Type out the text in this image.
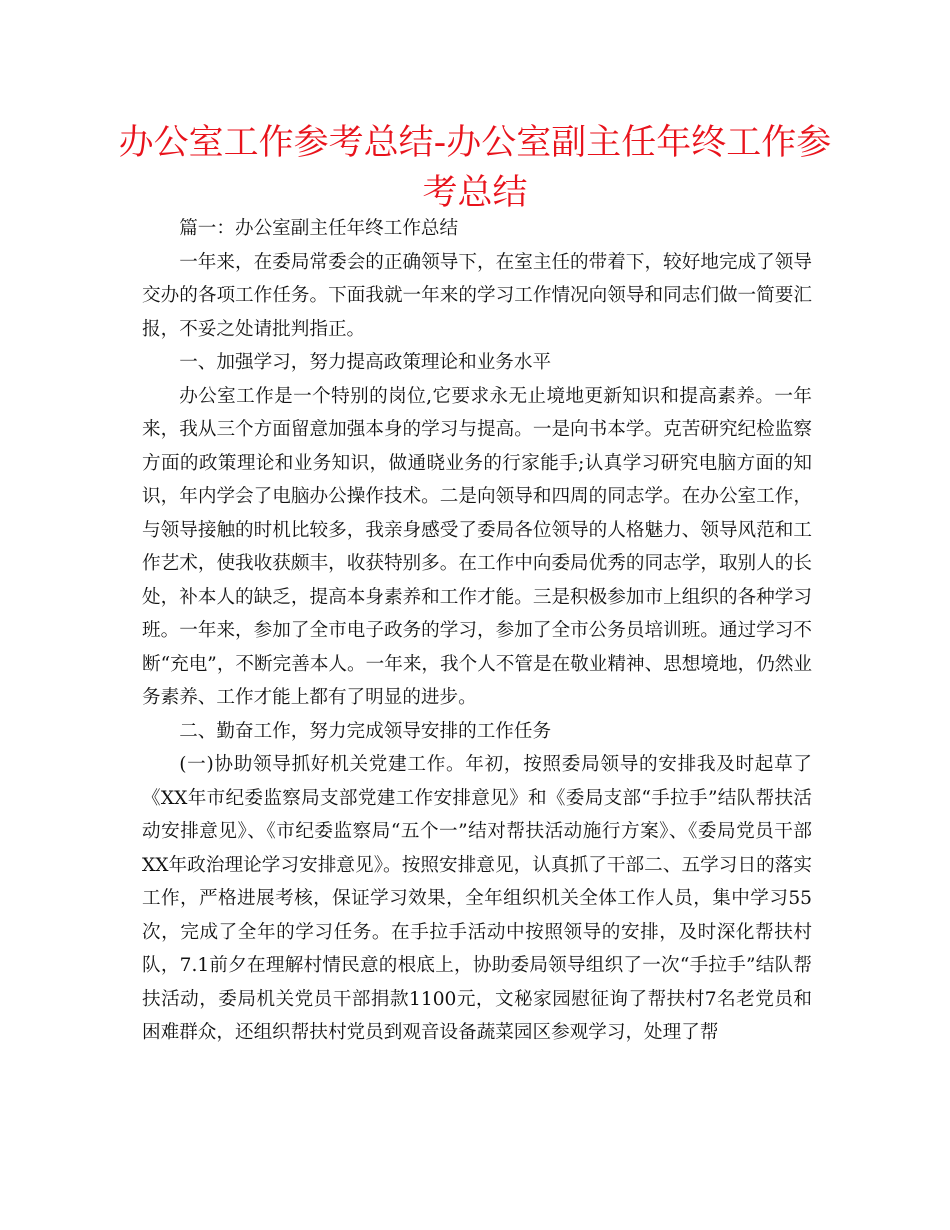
办公室工作参考总结-办公室副主任年终工作参考总结

篇一：办公室副主任年终工作总结

一年来，在委局常委会的正确领导下，在室主任的带着下，较好地完成了领导交办的各项工作任务。下面我就一年来的学习工作情况向领导和同志们做一简要汇报，不妥之处请批判指正。

一、加强学习，努力提高政策理论和业务水平

办公室工作是一个特别的岗位,它要求永无止境地更新知识和提高素养。一年来，我从三个方面留意加强本身的学习与提高。一是向书本学。克苦研究纪检监察方面的政策理论和业务知识，做通晓业务的行家能手;认真学习研究电脑方面的知识，年内学会了电脑办公操作技术。二是向领导和四周的同志学。在办公室工作，与领导接触的时机比较多，我亲身感受了委局各位领导的人格魅力、领导风范和工作艺术，使我收获颇丰，收获特别多。在工作中向委局优秀的同志学，取别人的长处，补本人的缺乏，提高本身素养和工作才能。三是积极参加市上组织的各种学习班。一年来，参加了全市电子政务的学习，参加了全市公务员培训班。通过学习不断“充电”，不断完善本人。一年来，我个人不管是在敬业精神、思想境地，仍然业务素养、工作才能上都有了明显的进步。

二、勤奋工作，努力完成领导安排的工作任务

(一)协助领导抓好机关党建工作。年初，按照委局领导的安排我及时起草了《XX年市纪委监察局支部党建工作安排意见》和《委局支部“手拉手”结队帮扶活动安排意见》、《市纪委监察局“五个一”结对帮扶活动施行方案》、《委局党员干部XX年政治理论学习安排意见》。按照安排意见，认真抓了干部二、五学习日的落实工作，严格进展考核，保证学习效果，全年组织机关全体工作人员，集中学习55次，完成了全年的学习任务。在手拉手活动中按照领导的安排，及时深化帮扶村队，7.1前夕在理解村情民意的根底上，协助委局领导组织了一次“手拉手”结队帮扶活动，委局机关党员干部捐款1100元，文秘家园慰征询了帮扶村7名老党员和困难群众，还组织帮扶村党员到观音设备蔬菜园区参观学习，处理了帮
